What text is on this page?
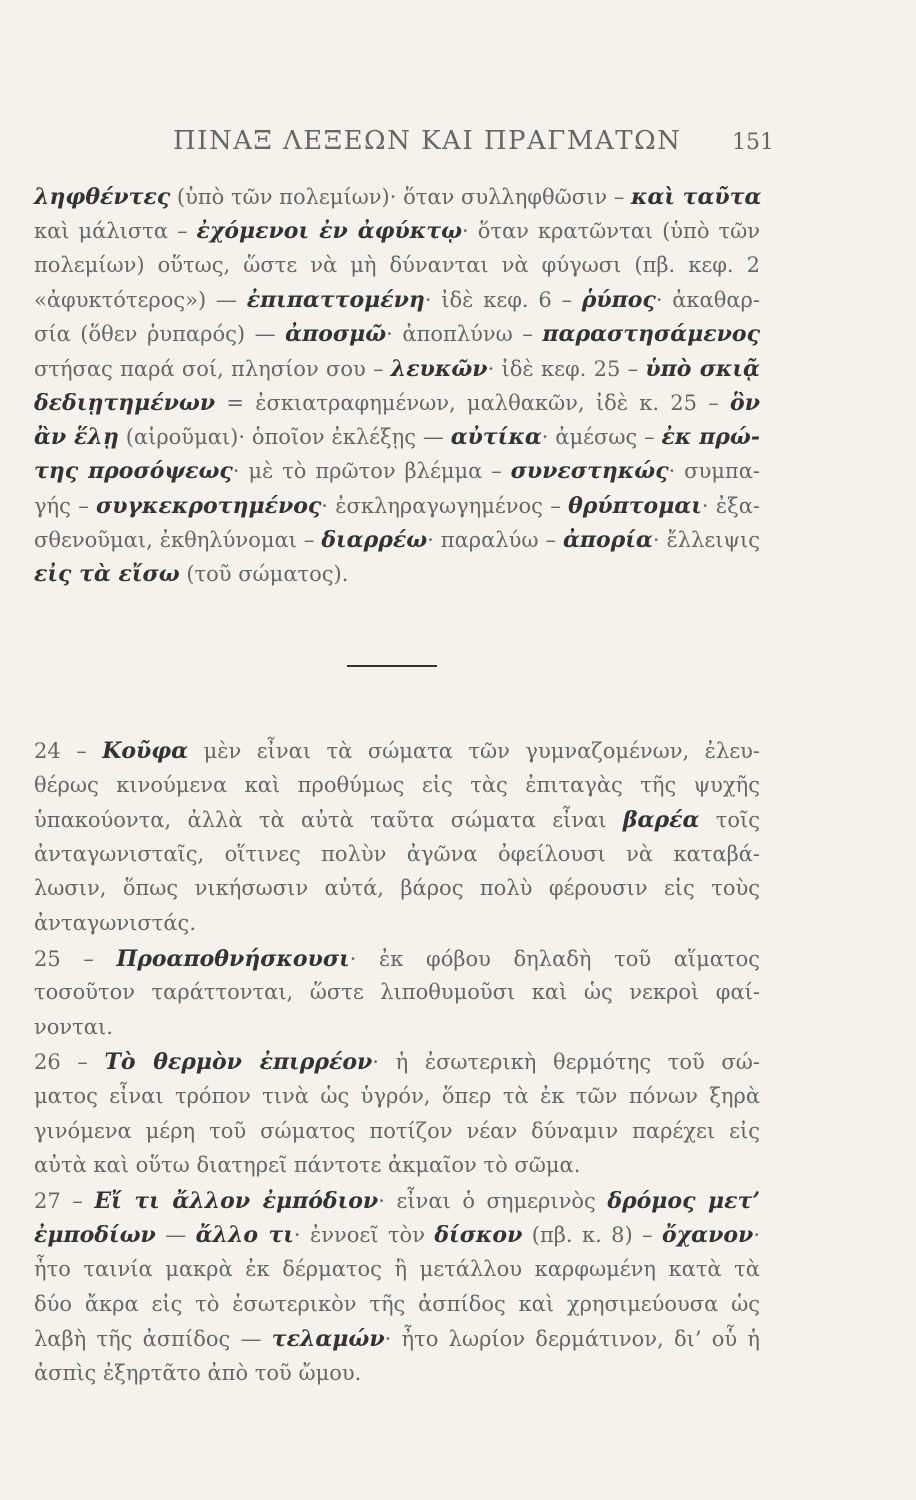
ΠΙΝΑΞ ΛΕΞΕΩΝ ΚΑΙ ΠΡΑΓΜΑΤΩΝ 151
ληφθέντες (ὑπὸ τῶν πολεμίων)· ὅταν συλληφθῶσιν – καὶ ταῦτα
καὶ μάλιστα – ἐχόμενοι ἐν ἀφύκτῳ· ὅταν κρατῶνται (ὑπὸ τῶν
πολεμίων) οὕτως, ὥστε νὰ μὴ δύνανται νὰ φύγωσι (πβ. κεφ. 2
«ἀφυκτότερος») — ἐπιπαττομένη· ἰδὲ κεφ. 6 – ῥύπος· ἀκαθαρ-
σία (ὅθεν ῥυπαρός) — ἀποσμῶ· ἀποπλύνω – παραστησάμενος
στήσας παρά σοί, πλησίον σου – λευκῶν· ἰδὲ κεφ. 25 – ὑπὸ σκιᾷ
δεδιῃτημένων = ἐσκιατραφημένων, μαλθακῶν, ἰδὲ κ. 25 – ὃν
ἂν ἕλῃ (αἱροῦμαι)· ὁποῖον ἐκλέξῃς — αὐτίκα· ἀμέσως – ἐκ πρώ-
της προσόψεως· μὲ τὸ πρῶτον βλέμμα – συνεστηκώς· συμπα-
γής – συγκεκροτημένος· ἐσκληραγωγημένος – θρύπτομαι· ἐξα-
σθενοῦμαι, ἐκθηλύνομαι – διαρρέω· παραλύω – ἀπορία· ἔλλειψις
εἰς τὰ εἴσω (τοῦ σώματος).
24 – Κοῦφα μὲν εἶναι τὰ σώματα τῶν γυμναζομένων, ἐλευ-
θέρως κινούμενα καὶ προθύμως εἰς τὰς ἐπιταγὰς τῆς ψυχῆς
ὑπακούοντα, ἀλλὰ τὰ αὐτὰ ταῦτα σώματα εἶναι βαρέα τοῖς
ἀνταγωνισταῖς, οἵτινες πολὺν ἀγῶνα ὀφείλουσι νὰ καταβά-
λωσιν, ὅπως νικήσωσιν αὐτά, βάρος πολὺ φέρουσιν εἰς τοὺς
ἀνταγωνιστάς.
25 – Προαποθνήσκουσι· ἐκ φόβου δηλαδὴ τοῦ αἵματος
τοσοῦτον ταράττονται, ὥστε λιποθυμοῦσι καὶ ὡς νεκροὶ φαί-
νονται.
26 – Τὸ θερμὸν ἐπιρρέον· ἡ ἐσωτερικὴ θερμότης τοῦ σώ-
ματος εἶναι τρόπον τινὰ ὡς ὑγρόν, ὅπερ τὰ ἐκ τῶν πόνων ξηρὰ
γινόμενα μέρη τοῦ σώματος ποτίζον νέαν δύναμιν παρέχει εἰς
αὐτὰ καὶ οὕτω διατηρεῖ πάντοτε ἀκμαῖον τὸ σῶμα.
27 – Εἴ τι ἄλλον ἐμπόδιον· εἶναι ὁ σημερινὸς δρόμος μετ’
ἐμποδίων — ἄλλο τι· ἐννοεῖ τὸν δίσκον (πβ. κ. 8) – ὄχανον·
ἦτο ταινία μακρὰ ἐκ δέρματος ἢ μετάλλου καρφωμένη κατὰ τὰ
δύο ἄκρα εἰς τὸ ἐσωτερικὸν τῆς ἀσπίδος καὶ χρησιμεύουσα ὡς
λαβὴ τῆς ἀσπίδος — τελαμών· ἦτο λωρίον δερμάτινον, δι’ οὗ ἡ
ἀσπὶς ἐξηρτᾶτο ἀπὸ τοῦ ὤμου.
